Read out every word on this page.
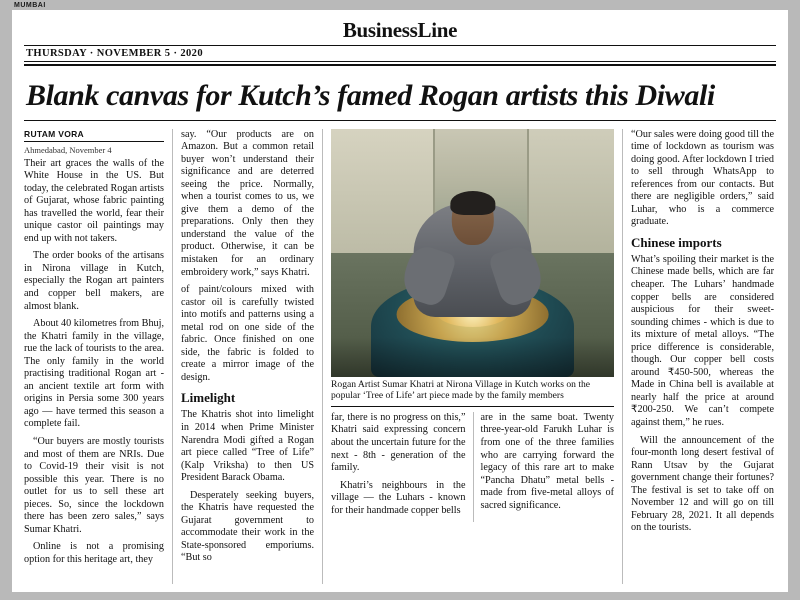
MUMBAI
BusinessLine
THURSDAY · NOVEMBER 5 · 2020
Blank canvas for Kutch’s famed Rogan artists this Diwali
RUTAM VORA
Ahmedabad, November 4

Their art graces the walls of the White House in the US. But today, the celebrated Rogan artists of Gujarat, whose fabric painting has travelled the world, fear their unique castor oil paintings may end up with not takers.

The order books of the artisans in Nirona village in Kutch, especially the Rogan art painters and copper bell makers, are almost blank.

About 40 kilometres from Bhuj, the Khatri family in the village, rue the lack of tourists to the area. The only family in the world practising traditional Rogan art - an ancient textile art form with origins in Persia some 300 years ago — have termed this season a complete fail.

“Our buyers are mostly tourists and most of them are NRIs. Due to Covid-19 their visit is not possible this year. There is no outlet for us to sell these art pieces. So, since the lockdown there has been zero sales,” says Sumar Khatri.

Online is not a promising option for this heritage art, they

say. “Our products are on Amazon. But a common retail buyer won’t understand their significance and are deterred seeing the price. Normally, when a tourist comes to us, we give them a demo of the preparations. Only then they understand the value of the product. Otherwise, it can be mistaken for an ordinary embroidery work,” says Khatri.

of paint/colours mixed with castor oil is carefully twisted into motifs and patterns using a metal rod on one side of the fabric. Once finished on one side, the fabric is folded to create a mirror image of the design.

Limelight

The Khatris shot into limelight in 2014 when Prime Minister Narendra Modi gifted a Rogan art piece called “Tree of Life” (Kalp Vriksha) to then US President Barack Obama.

Desperately seeking buyers, the Khatris have requested the Gujarat government to accommodate their work in the State-sponsored emporiums. “But so

Rogan Artist Sumar Khatri at Nirona Village in Kutch works on the popular ‘Tree of Life’ art piece made by the family members

far, there is no progress on this,” Khatri said expressing concern about the uncertain future for the next - 8th - generation of the family.

Khatri’s neighbours in the village — the Luhars - known for their handmade copper bells

are in the same boat. Twenty three-year-old Farukh Luhar is from one of the three families who are carrying forward the legacy of this rare art to make “Pancha Dhatu” metal bells - made from five-metal alloys of sacred significance.

“Our sales were doing good till the time of lockdown as tourism was doing good. After lockdown I tried to sell through WhatsApp to references from our contacts. But there are negligible orders,” said Luhar, who is a commerce graduate.

Chinese imports

What’s spoiling their market is the Chinese made bells, which are far cheaper. The Luhars’ handmade copper bells are considered auspicious for their sweet-sounding chimes - which is due to its mixture of metal alloys. “The price difference is considerable, though. Our copper bell costs around ₹450-500, whereas the Made in China bell is available at nearly half the price at around ₹200-250. We can’t compete against them,” he rues.

Will the announcement of the four-month long desert festival of Rann Utsav by the Gujarat government change their fortunes? The festival is set to take off on November 12 and will go on till February 28, 2021. It all depends on the tourists.
